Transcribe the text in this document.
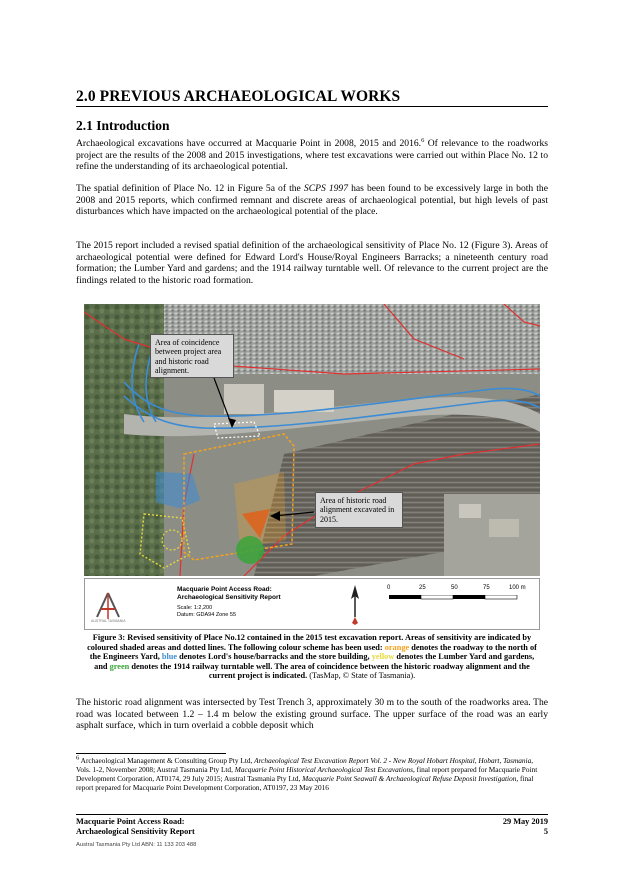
2.0 PREVIOUS ARCHAEOLOGICAL WORKS
2.1 Introduction
Archaeological excavations have occurred at Macquarie Point in 2008, 2015 and 2016.$^6$ Of relevance to the roadworks project are the results of the 2008 and 2015 investigations, where test excavations were carried out within Place No. 12 to refine the understanding of its archaeological potential.
The spatial definition of Place No. 12 in Figure 5a of the SCPS 1997 has been found to be excessively large in both the 2008 and 2015 reports, which confirmed remnant and discrete areas of archaeological potential, but high levels of past disturbances which have impacted on the archaeological potential of the place.
The 2015 report included a revised spatial definition of the archaeological sensitivity of Place No. 12 (Figure 3). Areas of archaeological potential were defined for Edward Lord's House/Royal Engineers Barracks; a nineteenth century road formation; the Lumber Yard and gardens; and the 1914 railway turntable well. Of relevance to the current project are the findings related to the historic road formation.
Area of coincidence between project area and historic road alignment.
Area of historic road alignment excavated in 2015.
AUSTRAL TASMANIA
Macquarie Point Access Road:
Archaeological Sensitivity Report
Scale: 1:2,200
Datum: GDA94 Zone 55
0	25	50	75	100 m
Figure 3: Revised sensitivity of Place No.12 contained in the 2015 test excavation report. Areas of sensitivity are indicated by coloured shaded areas and dotted lines. The following colour scheme has been used: orange denotes the roadway to the north of the Engineers Yard, blue denotes Lord's house/barracks and the store building, yellow denotes the Lumber Yard and gardens, and green denotes the 1914 railway turntable well. The area of coincidence between the historic roadway alignment and the current project is indicated. (TasMap, © State of Tasmania).
The historic road alignment was intersected by Test Trench 3, approximately 30 m to the south of the roadworks area. The road was located between 1.2 – 1.4 m below the existing ground surface. The upper surface of the road was an early asphalt surface, which in turn overlaid a cobble deposit which
$^6$ Archaeological Management & Consulting Group Pty Ltd, Archaeological Test Excavation Report Vol. 2 - New Royal Hobart Hospital, Hobart, Tasmania, Vols. 1-2, November 2008; Austral Tasmania Pty Ltd, Macquarie Point Historical Archaeological Test Excavations, final report prepared for Macquarie Point Development Corporation, AT0174, 29 July 2015; Austral Tasmania Pty Ltd, Macquarie Point Seawall & Archaeological Refuse Deposit Investigation, final report prepared for Macquarie Point Development Corporation, AT0197, 23 May 2016
Macquarie Point Access Road:
Archaeological Sensitivity Report
29 May 2019
5
Austral Tasmania Pty Ltd ABN: 11 133 203 488
